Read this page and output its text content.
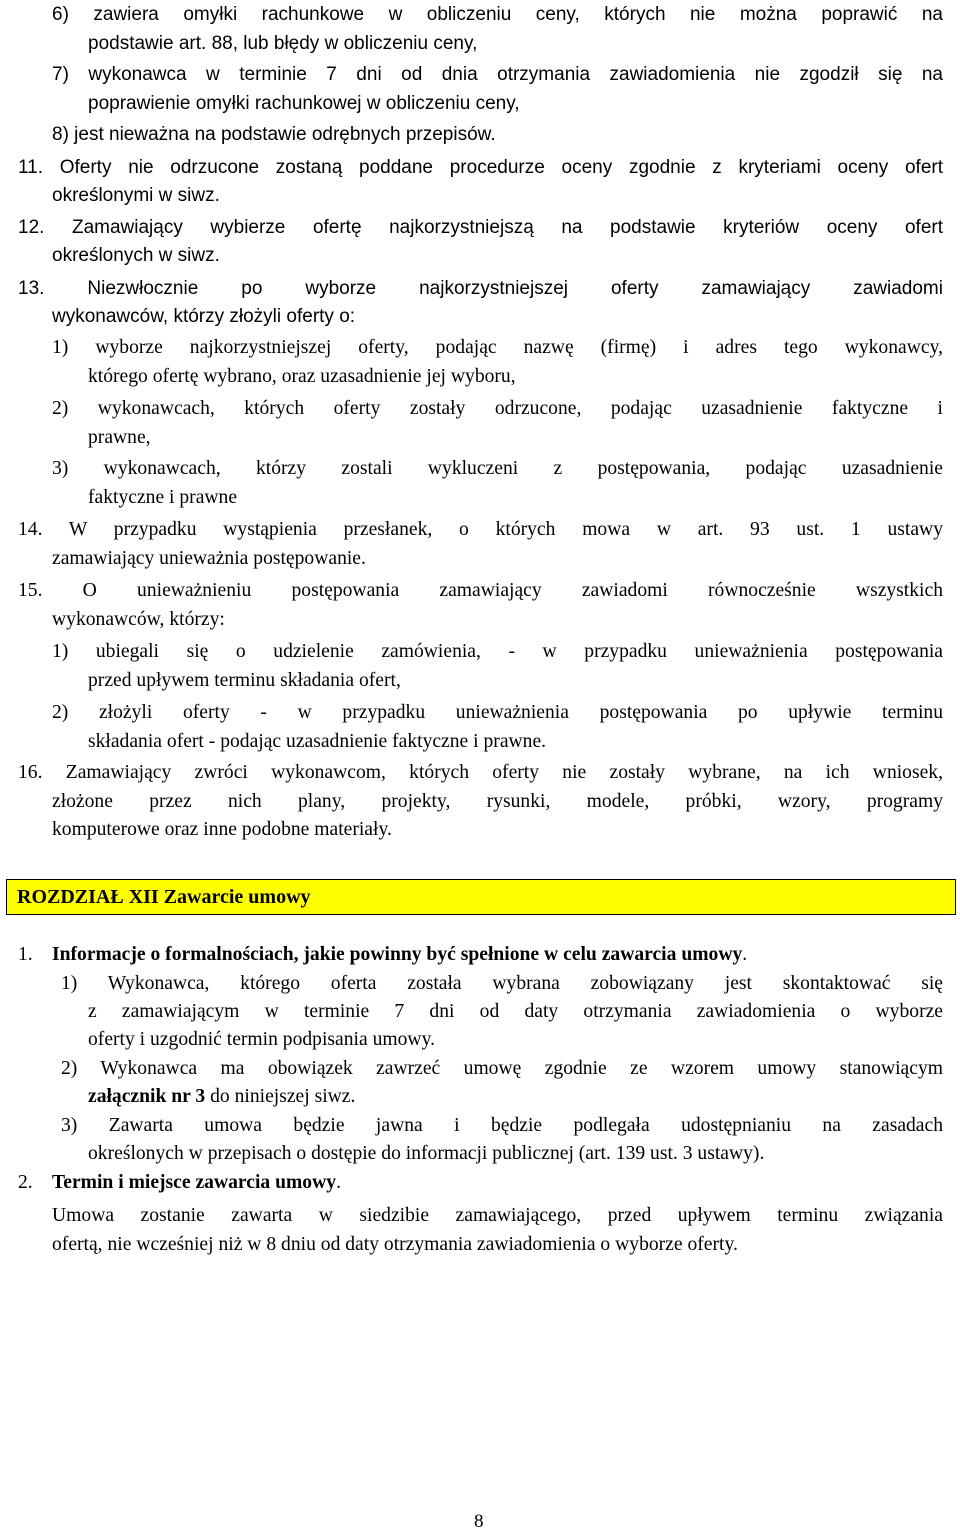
6) zawiera omyłki rachunkowe w obliczeniu ceny, których nie można poprawić na
podstawie art. 88, lub błędy w obliczeniu ceny,
7) wykonawca w terminie 7 dni od dnia otrzymania zawiadomienia nie zgodził się na
poprawienie omyłki rachunkowej w obliczeniu ceny,
8) jest nieważna na podstawie odrębnych przepisów.
11. Oferty nie odrzucone zostaną poddane procedurze oceny zgodnie z kryteriami oceny ofert
określonymi w siwz.
12. Zamawiający wybierze ofertę najkorzystniejszą na podstawie kryteriów oceny ofert
określonych w siwz.
13. Niezwłocznie po wyborze najkorzystniejszej oferty zamawiający zawiadomi
wykonawców, którzy złożyli oferty o:
1) wyborze najkorzystniejszej oferty, podając nazwę (firmę) i adres tego wykonawcy,
którego ofertę wybrano, oraz uzasadnienie jej wyboru,
2) wykonawcach, których oferty zostały odrzucone, podając uzasadnienie faktyczne i
prawne,
3) wykonawcach, którzy zostali wykluczeni z postępowania, podając uzasadnienie
faktyczne i prawne
14. W przypadku wystąpienia przesłanek, o których mowa w art. 93 ust. 1 ustawy
zamawiający unieważnia postępowanie.
15. O unieważnieniu postępowania zamawiający zawiadomi równocześnie wszystkich
wykonawców, którzy:
1) ubiegali się o udzielenie zamówienia, - w przypadku unieważnienia postępowania
przed upływem terminu składania ofert,
2) złożyli oferty - w przypadku unieważnienia postępowania po upływie terminu
składania ofert - podając uzasadnienie faktyczne i prawne.
16. Zamawiający zwróci wykonawcom, których oferty nie zostały wybrane, na ich wniosek,
złożone przez nich plany, projekty, rysunki, modele, próbki, wzory, programy
komputerowe oraz inne podobne materiały.
ROZDZIAŁ XII Zawarcie umowy
1. Informacje o formalnościach, jakie powinny być spełnione w celu zawarcia umowy.
1) Wykonawca, którego oferta została wybrana zobowiązany jest skontaktować się
z zamawiającym w terminie 7 dni od daty otrzymania zawiadomienia o wyborze
oferty i uzgodnić termin podpisania umowy.
2) Wykonawca ma obowiązek zawrzeć umowę zgodnie ze wzorem umowy stanowiącym
załącznik nr 3 do niniejszej siwz.
3) Zawarta umowa będzie jawna i będzie podlegała udostępnianiu na zasadach
określonych w przepisach o dostępie do informacji publicznej (art. 139 ust. 3 ustawy).
2. Termin i miejsce zawarcia umowy.
Umowa zostanie zawarta w siedzibie zamawiającego, przed upływem terminu związania
ofertą, nie wcześniej niż w 8 dniu od daty otrzymania zawiadomienia o wyborze oferty.
8
